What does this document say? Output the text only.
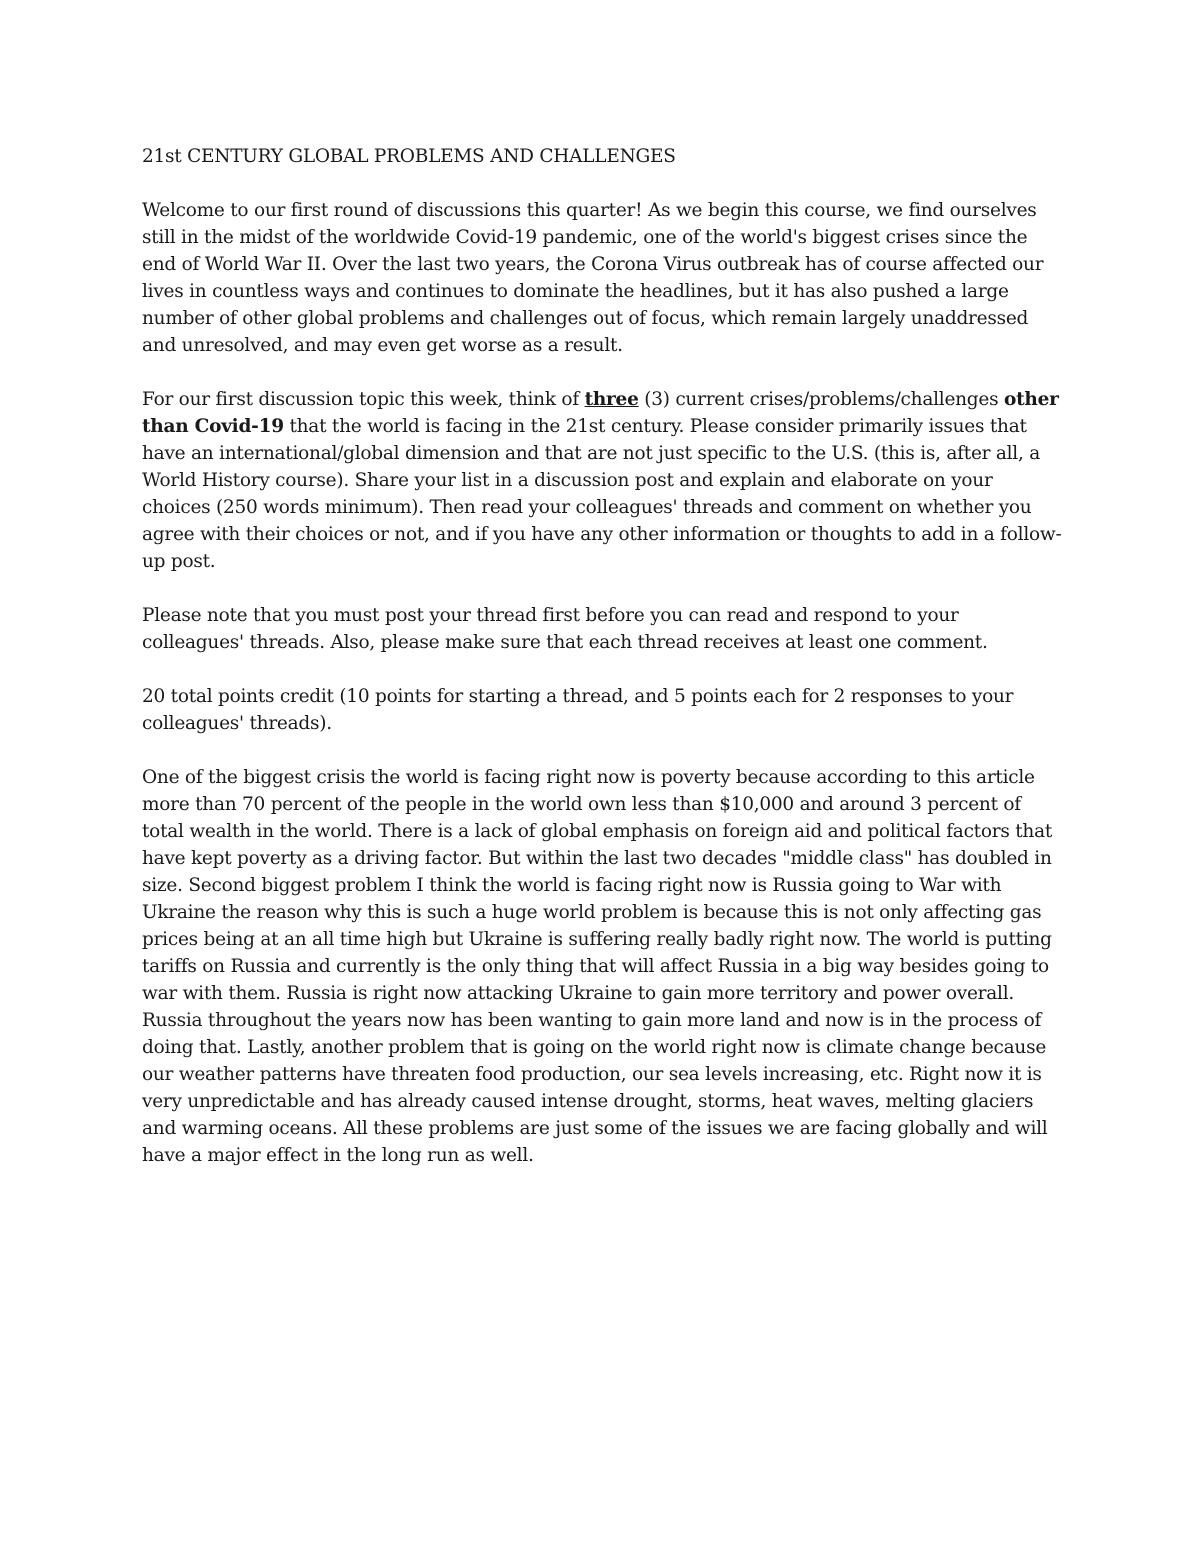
21st CENTURY GLOBAL PROBLEMS AND CHALLENGES

Welcome to our first round of discussions this quarter! As we begin this course, we find ourselves still in the midst of the worldwide Covid-19 pandemic, one of the world's biggest crises since the end of World War II. Over the last two years, the Corona Virus outbreak has of course affected our lives in countless ways and continues to dominate the headlines, but it has also pushed a large number of other global problems and challenges out of focus, which remain largely unaddressed and unresolved, and may even get worse as a result.

For our first discussion topic this week, think of three (3) current crises/problems/challenges other than Covid-19 that the world is facing in the 21st century. Please consider primarily issues that have an international/global dimension and that are not just specific to the U.S. (this is, after all, a World History course). Share your list in a discussion post and explain and elaborate on your choices (250 words minimum). Then read your colleagues' threads and comment on whether you agree with their choices or not, and if you have any other information or thoughts to add in a follow-up post.

Please note that you must post your thread first before you can read and respond to your colleagues' threads. Also, please make sure that each thread receives at least one comment.

20 total points credit (10 points for starting a thread, and 5 points each for 2 responses to your colleagues' threads).

One of the biggest crisis the world is facing right now is poverty because according to this article more than 70 percent of the people in the world own less than $10,000 and around 3 percent of total wealth in the world. There is a lack of global emphasis on foreign aid and political factors that have kept poverty as a driving factor. But within the last two decades "middle class" has doubled in size. Second biggest problem I think the world is facing right now is Russia going to War with Ukraine the reason why this is such a huge world problem is because this is not only affecting gas prices being at an all time high but Ukraine is suffering really badly right now. The world is putting tariffs on Russia and currently is the only thing that will affect Russia in a big way besides going to war with them. Russia is right now attacking Ukraine to gain more territory and power overall. Russia throughout the years now has been wanting to gain more land and now is in the process of doing that. Lastly, another problem that is going on the world right now is climate change because our weather patterns have threaten food production, our sea levels increasing, etc. Right now it is very unpredictable and has already caused intense drought, storms, heat waves, melting glaciers and warming oceans. All these problems are just some of the issues we are facing globally and will have a major effect in the long run as well.
